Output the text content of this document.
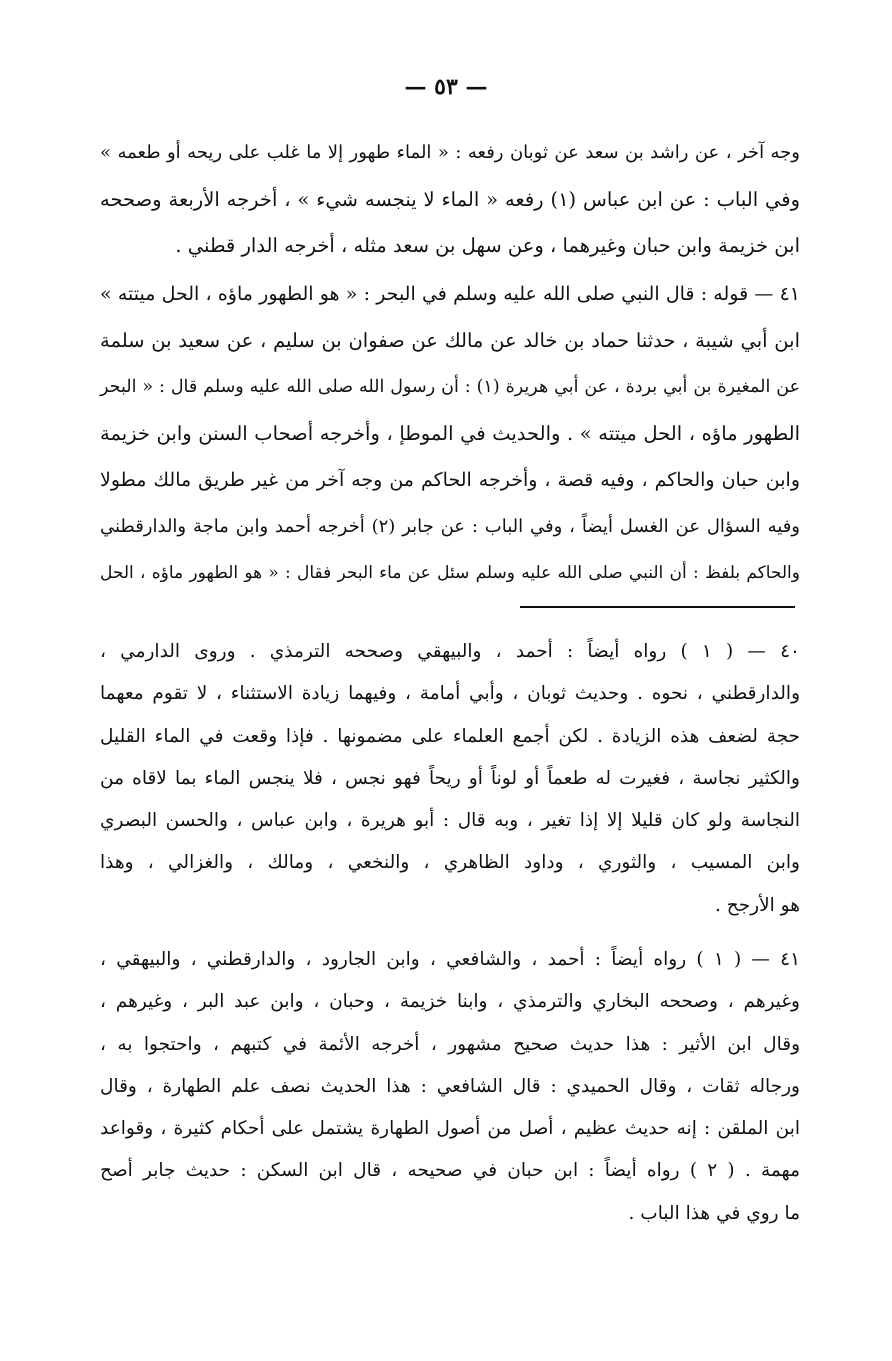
— ٥٣ —

وجه آخر ، عن راشد بن سعد عن ثوبان رفعه : « الماء طهور إلا ما غلب على ريحه أو طعمه »

وفي الباب : عن ابن عباس (١) رفعه « الماء لا ينجسه شيء » ، أخرجه الأربعة وصححه

ابن خزيمة وابن حبان وغيرهما ، وعن سهل بن سعد مثله ، أخرجه الدار قطني .

٤١ — قوله : قال النبي صلى الله عليه وسلم في البحر : « هو الطهور ماؤه ، الحل ميتته »

ابن أبي شيبة ، حدثنا حماد بن خالد عن مالك عن صفوان بن سليم ، عن سعيد بن سلمة

عن المغيرة بن أبي بردة ، عن أبي هريرة (١) : أن رسول الله صلى الله عليه وسلم قال : « البحر

الطهور ماؤه ، الحل ميتته » . والحديث في الموطإ ، وأخرجه أصحاب السنن وابن خزيمة

وابن حبان والحاكم ، وفيه قصة ، وأخرجه الحاكم من وجه آخر من غير طريق مالك مطولا

وفيه السؤال عن الغسل أيضاً ، وفي الباب : عن جابر (٢) أخرجه أحمد وابن ماجة والدارقطني

والحاكم بلفظ : أن النبي صلى الله عليه وسلم سئل عن ماء البحر فقال : « هو الطهور ماؤه ، الحل

٤٠ — ( ١ ) رواه أيضاً : أحمد ، والبيهقي وصححه الترمذي . وروى الدارمي ،

والدارقطني ، نحوه . وحديث ثوبان ، وأبي أمامة ، وفيهما زيادة الاستثناء ، لا تقوم معهما

حجة لضعف هذه الزيادة . لكن أجمع العلماء على مضمونها . فإذا وقعت في الماء القليل

والكثير نجاسة ، فغيرت له طعماً أو لوناً أو ريحاً فهو نجس ، فلا ينجس الماء بما لاقاه من

النجاسة ولو كان قليلا إلا إذا تغير ، وبه قال : أبو هريرة ، وابن عباس ، والحسن البصري

وابن المسيب ، والثوري ، وداود الظاهري ، والنخعي ، ومالك ، والغزالي ، وهذا

هو الأرجح .

٤١ — ( ١ ) رواه أيضاً : أحمد ، والشافعي ، وابن الجارود ، والدارقطني ، والبيهقي ،

وغيرهم ، وصححه البخاري والترمذي ، وابنا خزيمة ، وحبان ، وابن عبد البر ، وغيرهم ،

وقال ابن الأثير : هذا حديث صحيح مشهور ، أخرجه الأئمة في كتبهم ، واحتجوا به ،

ورجاله ثقات ، وقال الحميدي : قال الشافعي : هذا الحديث نصف علم الطهارة ، وقال

ابن الملقن : إنه حديث عظيم ، أصل من أصول الطهارة يشتمل على أحكام كثيرة ، وقواعد

مهمة . ( ٢ ) رواه أيضاً : ابن حبان في صحيحه ، قال ابن السكن : حديث جابر أصح

ما روي في هذا الباب .
